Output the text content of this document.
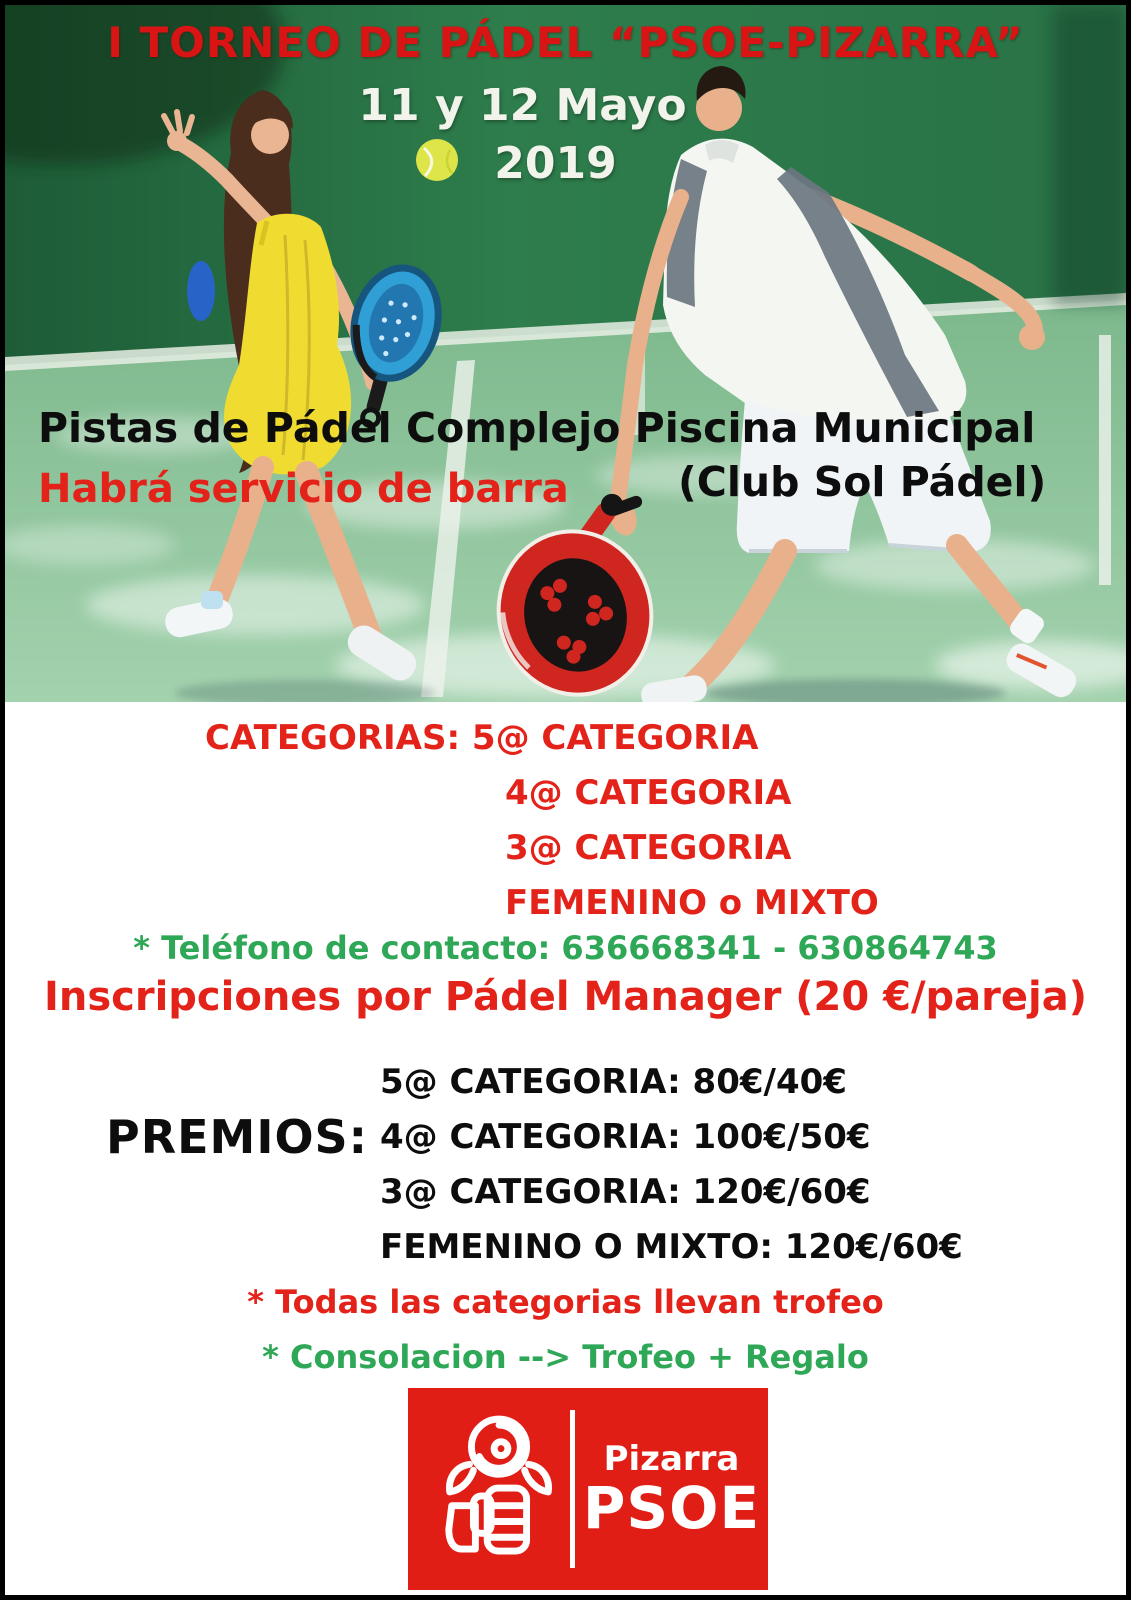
I TORNEO DE PÁDEL “PSOE-PIZARRA”
11 y 12 Mayo
2019
Pistas de Pádel Complejo Piscina Municipal
Habrá servicio de barra	(Club Sol Pádel)
CATEGORIAS: 5@ CATEGORIA
4@ CATEGORIA
3@ CATEGORIA
FEMENINO o MIXTO
* Teléfono de contacto: 636668341 - 630864743
Inscripciones por Pádel Manager (20 €/pareja)
PREMIOS:
5@ CATEGORIA: 80€/40€
4@ CATEGORIA: 100€/50€
3@ CATEGORIA: 120€/60€
FEMENINO O MIXTO: 120€/60€
* Todas las categorias llevan trofeo
* Consolacion --> Trofeo + Regalo
Pizarra
PSOE
